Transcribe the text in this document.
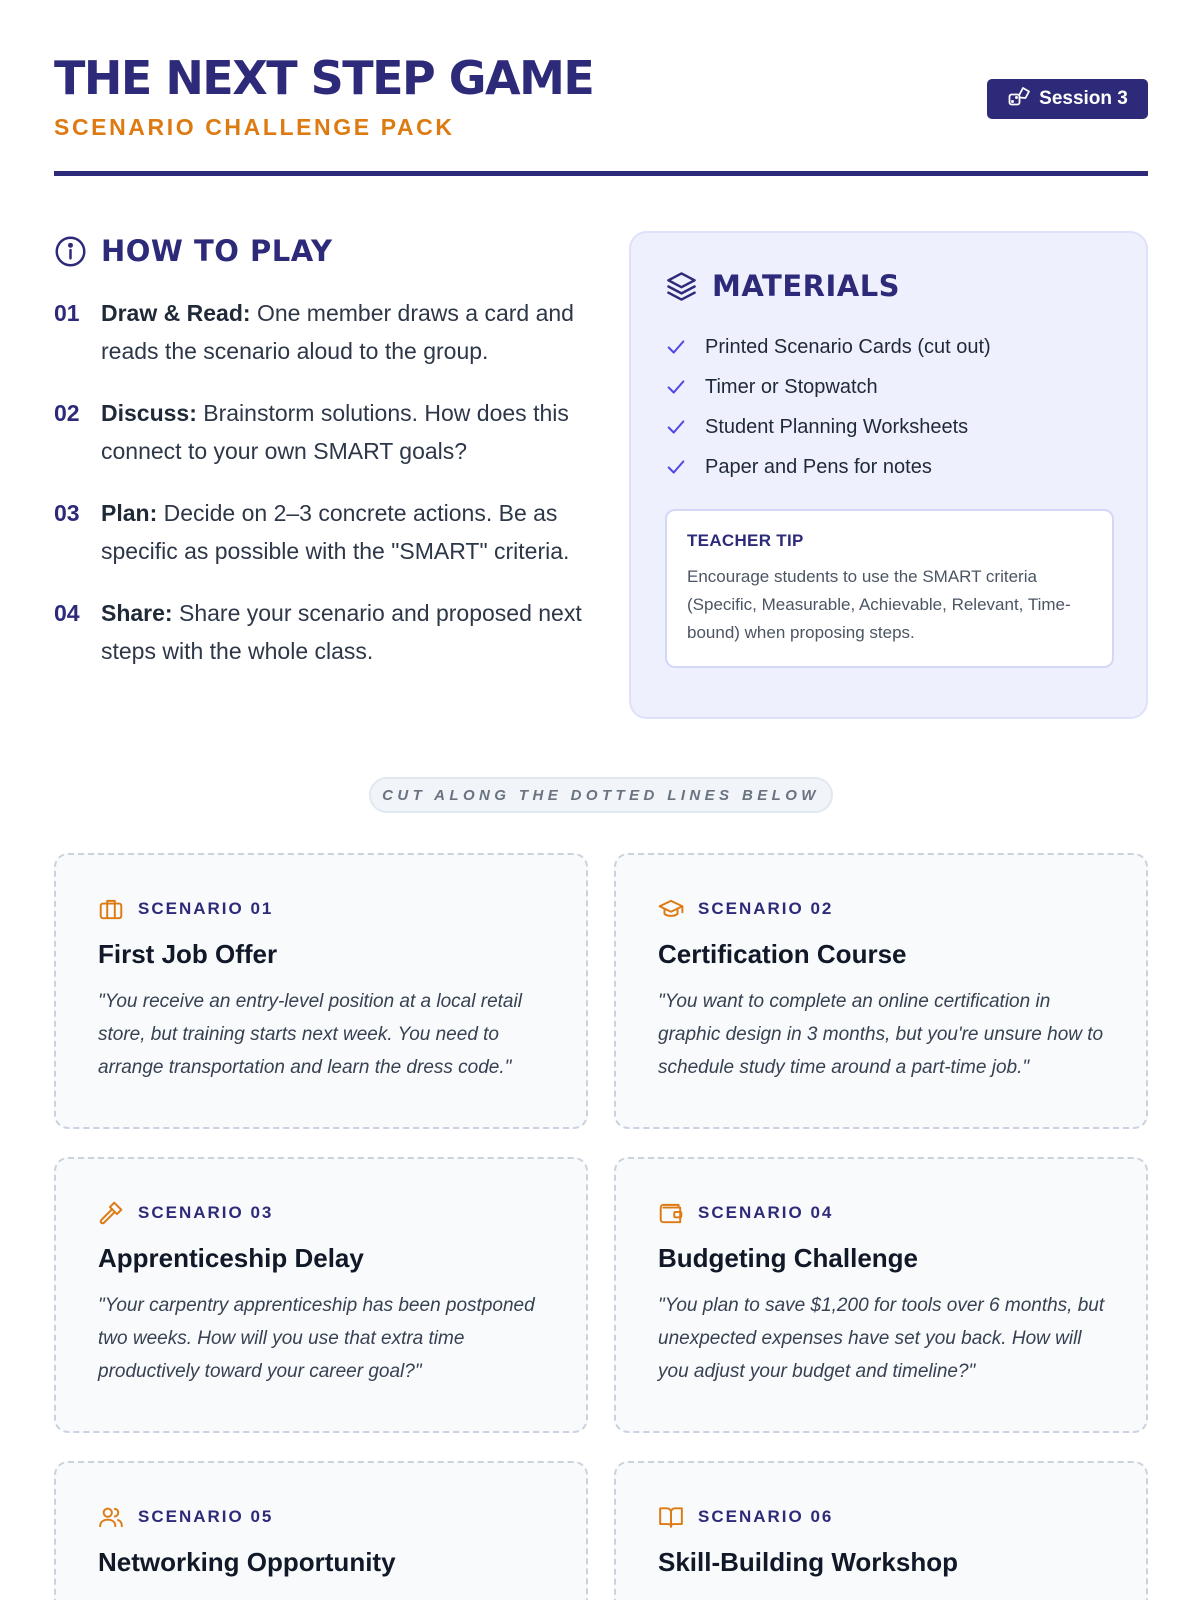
THE NEXT STEP GAME
SCENARIO CHALLENGE PACK
Session 3
HOW TO PLAY
01 Draw & Read: One member draws a card and reads the scenario aloud to the group.
02 Discuss: Brainstorm solutions. How does this connect to your own SMART goals?
03 Plan: Decide on 2–3 concrete actions. Be as specific as possible with the "SMART" criteria.
04 Share: Share your scenario and proposed next steps with the whole class.
MATERIALS
Printed Scenario Cards (cut out)
Timer or Stopwatch
Student Planning Worksheets
Paper and Pens for notes
TEACHER TIP
Encourage students to use the SMART criteria (Specific, Measurable, Achievable, Relevant, Time-bound) when proposing steps.
CUT ALONG THE DOTTED LINES BELOW
SCENARIO 01
First Job Offer
"You receive an entry-level position at a local retail store, but training starts next week. You need to arrange transportation and learn the dress code."
SCENARIO 02
Certification Course
"You want to complete an online certification in graphic design in 3 months, but you're unsure how to schedule study time around a part-time job."
SCENARIO 03
Apprenticeship Delay
"Your carpentry apprenticeship has been postponed two weeks. How will you use that extra time productively toward your career goal?"
SCENARIO 04
Budgeting Challenge
"You plan to save $1,200 for tools over 6 months, but unexpected expenses have set you back. How will you adjust your budget and timeline?"
SCENARIO 05
Networking Opportunity
SCENARIO 06
Skill-Building Workshop
